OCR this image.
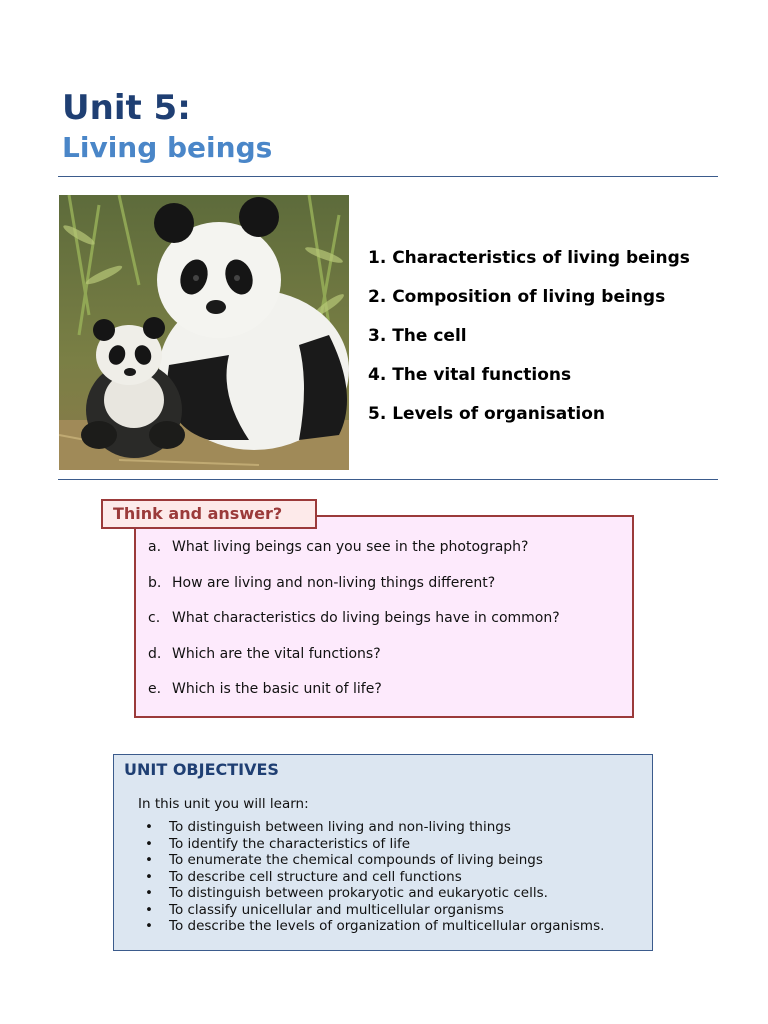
Unit 5:
Living beings
1. Characteristics of living beings
2. Composition of living beings
3. The cell
4. The vital functions
5. Levels of organisation
Think and answer?
a. What living beings can you see in the photograph?
b. How are living and non-living things different?
c. What characteristics do living beings have in common?
d. Which are the vital functions?
e. Which is the basic unit of life?
UNIT OBJECTIVES

In this unit you will learn:

• To distinguish between living and non-living things
• To identify the characteristics of life
• To enumerate the chemical compounds of living beings
• To describe cell structure and cell functions
• To distinguish between prokaryotic and eukaryotic cells.
• To classify unicellular and multicellular organisms
• To describe the levels of organization of multicellular organisms.
